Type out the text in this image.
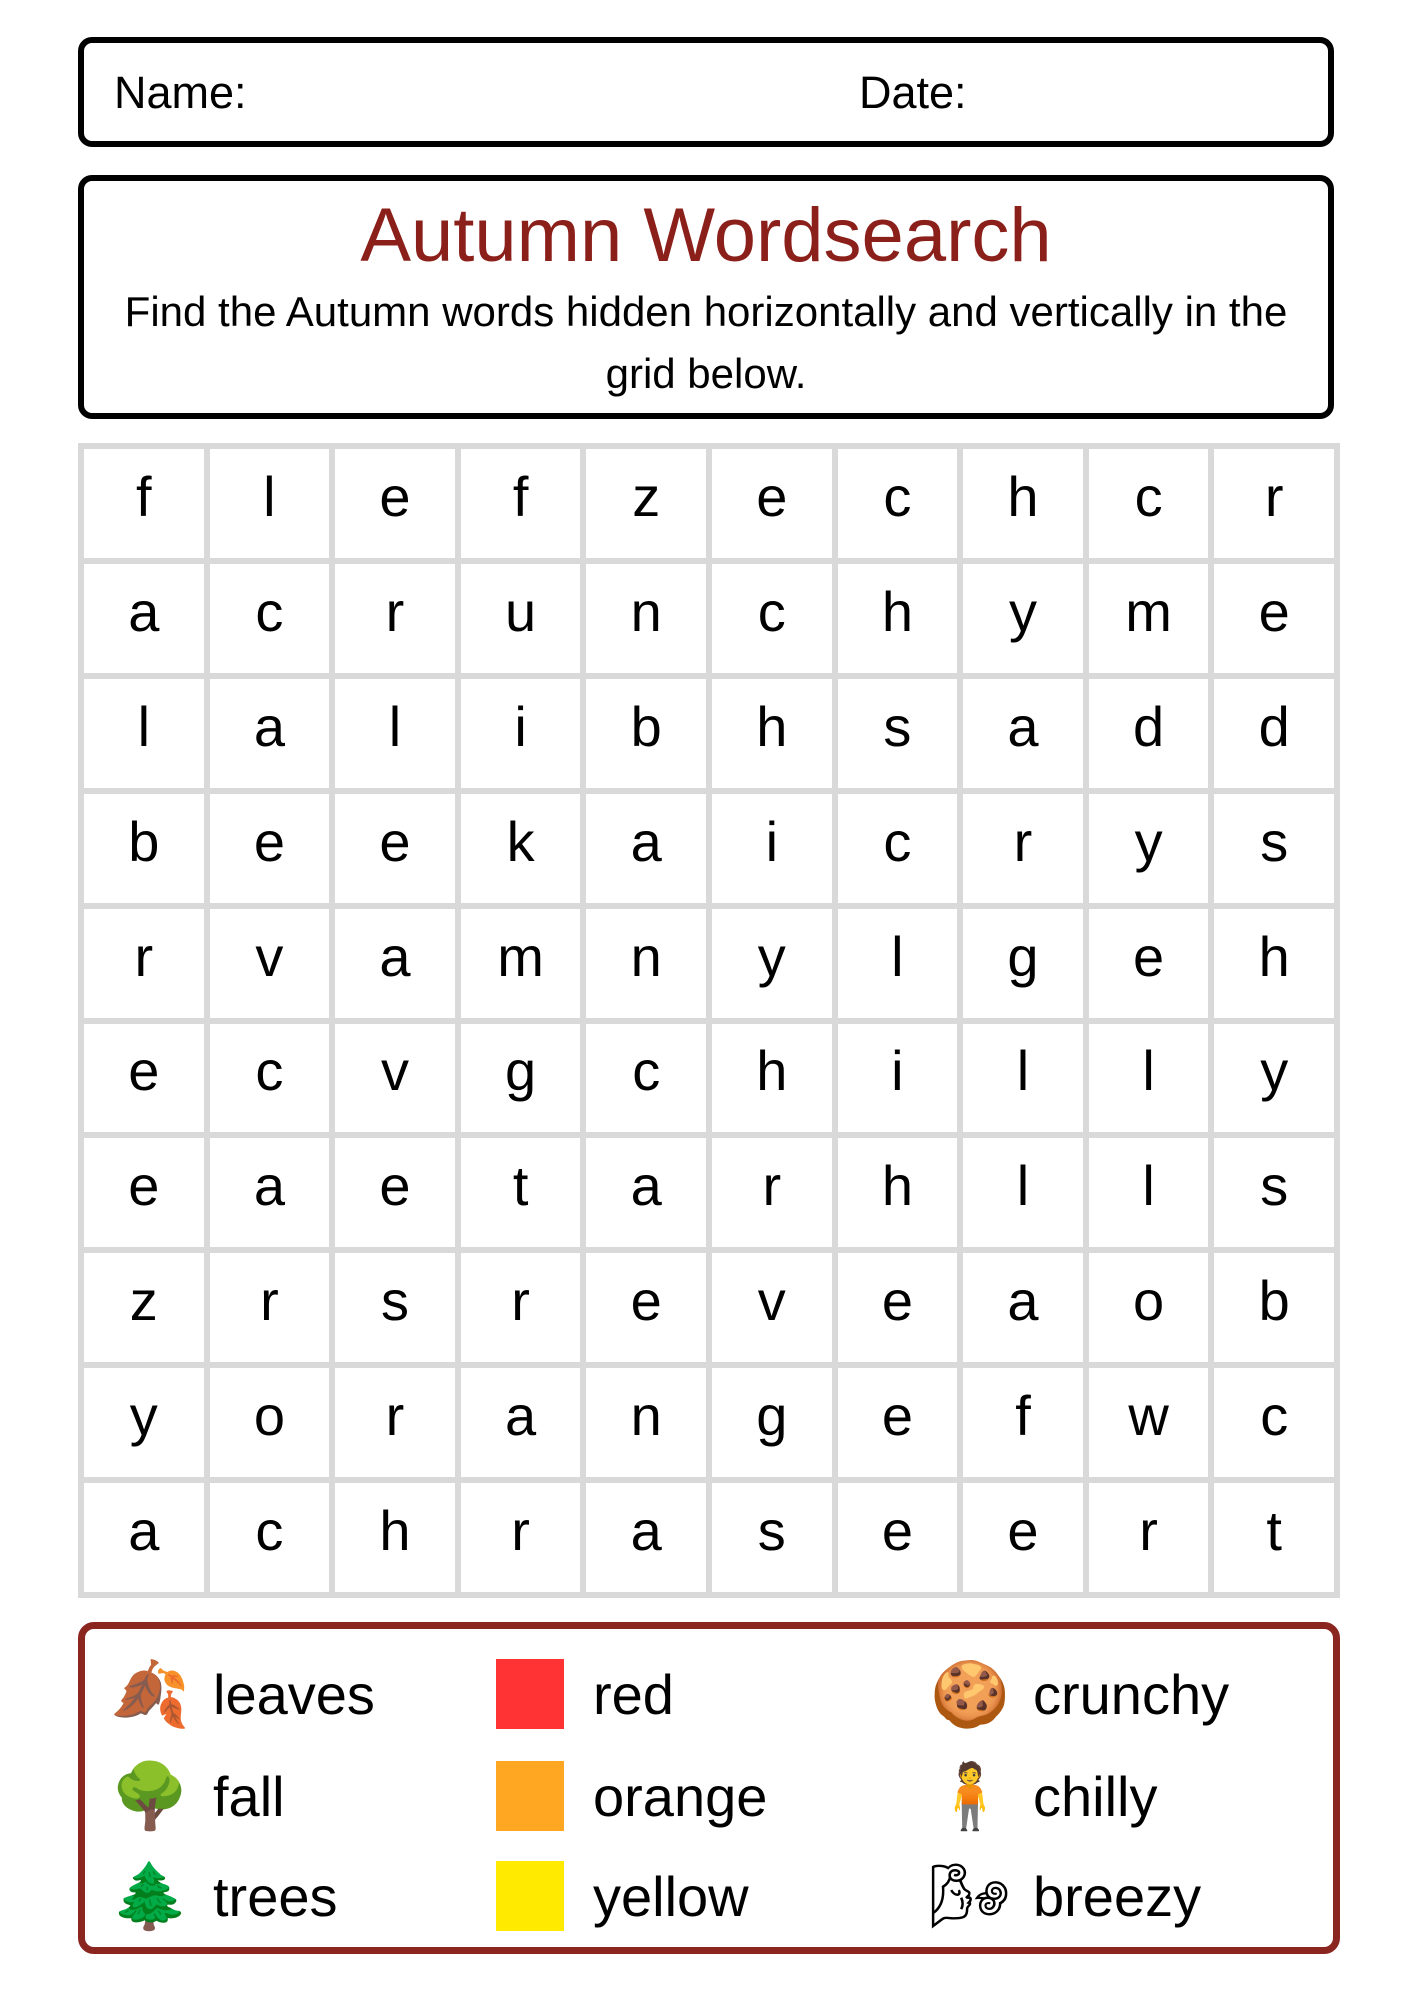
Name:	Date:
Autumn Wordsearch
Find the Autumn words hidden horizontally and vertically in the grid below.
f	l	e	f	z	e	c	h	c	r
a	c	r	u	n	c	h	y	m	e
l	a	l	i	b	h	s	a	d	d
b	e	e	k	a	i	c	r	y	s
r	v	a	m	n	y	l	g	e	h
e	c	v	g	c	h	i	l	l	y
e	a	e	t	a	r	h	l	l	s
z	r	s	r	e	v	e	a	o	b
y	o	r	a	n	g	e	f	w	c
a	c	h	r	a	s	e	e	r	t
🍂 leaves
🌳 fall
🌲 trees
red
orange
yellow
🍪 crunchy
🧍 chilly
🌬 breezy
